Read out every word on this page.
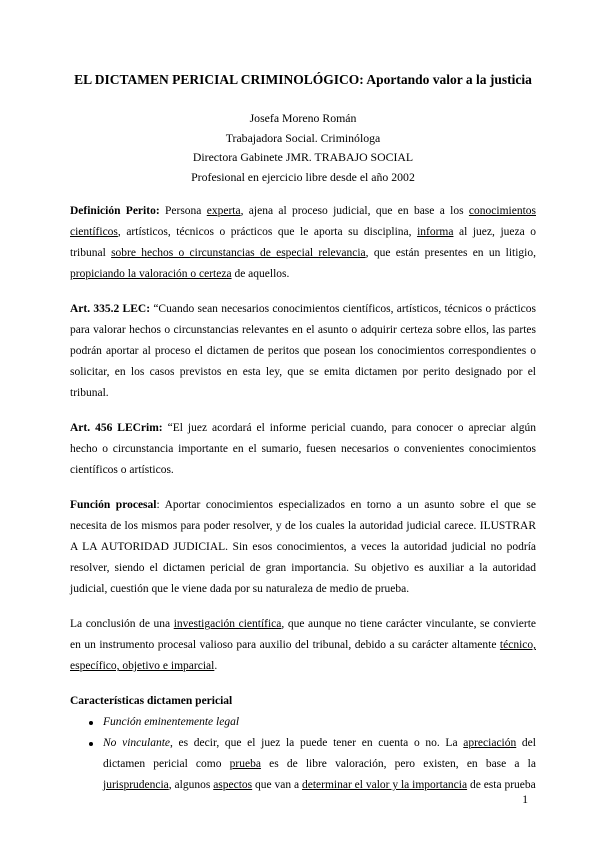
EL DICTAMEN PERICIAL CRIMINOLÓGICO: Aportando valor a la justicia

Josefa Moreno Román

Trabajadora Social. Criminóloga

Directora Gabinete JMR. TRABAJO SOCIAL

Profesional en ejercicio libre desde el año 2002

Definición Perito: Persona experta, ajena al proceso judicial, que en base a los conocimientos científicos, artísticos, técnicos o prácticos que le aporta su disciplina, informa al juez, jueza o tribunal sobre hechos o circunstancias de especial relevancia, que están presentes en un litigio, propiciando la valoración o certeza de aquellos.

Art. 335.2 LEC: “Cuando sean necesarios conocimientos científicos, artísticos, técnicos o prácticos para valorar hechos o circunstancias relevantes en el asunto o adquirir certeza sobre ellos, las partes podrán aportar al proceso el dictamen de peritos que posean los conocimientos correspondientes o solicitar, en los casos previstos en esta ley, que se emita dictamen por perito designado por el tribunal.

Art. 456 LECrim: “El juez acordará el informe pericial cuando, para conocer o apreciar algún hecho o circunstancia importante en el sumario, fuesen necesarios o convenientes conocimientos científicos o artísticos.

Función procesal: Aportar conocimientos especializados en torno a un asunto sobre el que se necesita de los mismos para poder resolver, y de los cuales la autoridad judicial carece. ILUSTRAR A LA AUTORIDAD JUDICIAL. Sin esos conocimientos, a veces la autoridad judicial no podría resolver, siendo el dictamen pericial de gran importancia. Su objetivo es auxiliar a la autoridad judicial, cuestión que le viene dada por su naturaleza de medio de prueba.

La conclusión de una investigación científica, que aunque no tiene carácter vinculante, se convierte en un instrumento procesal valioso para auxilio del tribunal, debido a su carácter altamente técnico, específico, objetivo e imparcial.

Características dictamen pericial
Función eminentemente legal
No vinculante, es decir, que el juez la puede tener en cuenta o no. La apreciación del dictamen pericial como prueba es de libre valoración, pero existen, en base a la jurisprudencia, algunos aspectos que van a determinar el valor y la importancia de esta prueba
1
